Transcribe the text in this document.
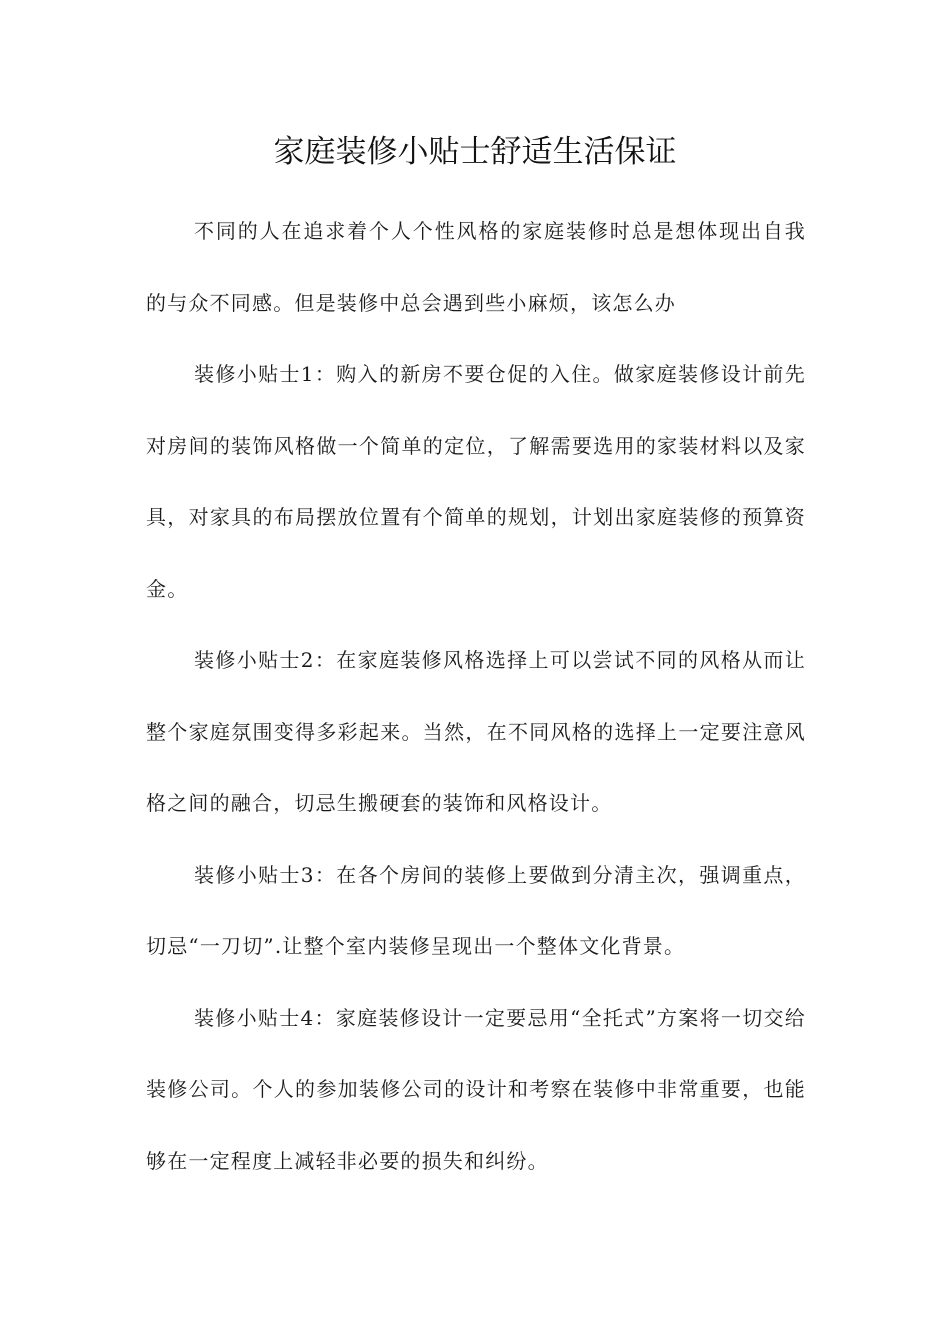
家庭装修小贴士舒适生活保证

不同的人在追求着个人个性风格的家庭装修时总是想体现出自我的与众不同感。但是装修中总会遇到些小麻烦，该怎么办

装修小贴士1：购入的新房不要仓促的入住。做家庭装修设计前先对房间的装饰风格做一个简单的定位，了解需要选用的家装材料以及家具，对家具的布局摆放位置有个简单的规划，计划出家庭装修的预算资金。

装修小贴士2：在家庭装修风格选择上可以尝试不同的风格从而让整个家庭氛围变得多彩起来。当然，在不同风格的选择上一定要注意风格之间的融合，切忌生搬硬套的装饰和风格设计。

装修小贴士3：在各个房间的装修上要做到分清主次，强调重点，切忌“一刀切”.让整个室内装修呈现出一个整体文化背景。

装修小贴士4：家庭装修设计一定要忌用“全托式”方案将一切交给装修公司。个人的参加装修公司的设计和考察在装修中非常重要，也能够在一定程度上减轻非必要的损失和纠纷。
